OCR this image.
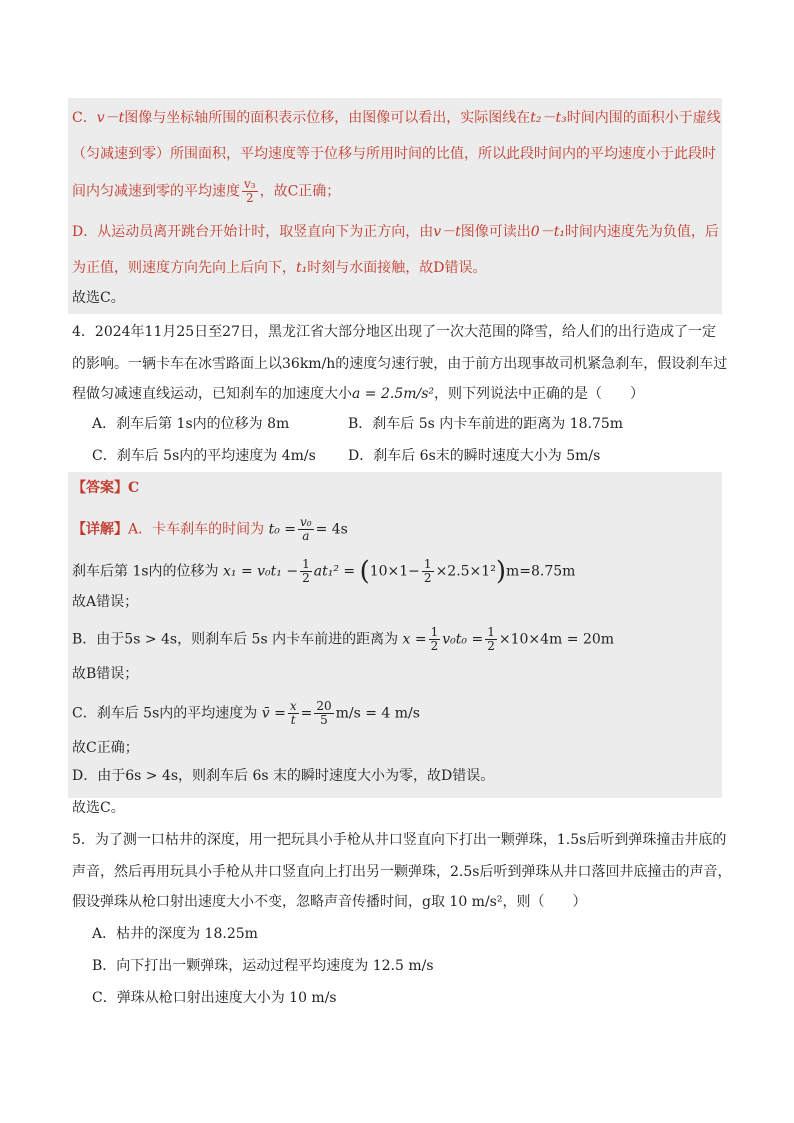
C．v－t图像与坐标轴所围的面积表示位移，由图像可以看出，实际图线在t₂－t₃时间内围的面积小于虚线
（匀减速到零）所围面积，平均速度等于位移与所用时间的比值，所以此段时间内的平均速度小于此段时
间内匀减速到零的平均速度 $\frac{\text{v₃}}{2}$ ，故C正确；
D．从运动员离开跳台开始计时，取竖直向下为正方向，由v－t图像可读出0－t₁时间内速度先为负值，后
为正值，则速度方向先向上后向下，t₁时刻与水面接触，故D错误。
故选C。
4．2024年11月25日至27日，黑龙江省大部分地区出现了一次大范围的降雪，给人们的出行造成了一定
的影响。一辆卡车在冰雪路面上以36km/h的速度匀速行驶，由于前方出现事故司机紧急刹车，假设刹车过
程做匀减速直线运动，已知刹车的加速度大小a = 2.5m/s²，则下列说法中正确的是（　　）
A．刹车后第 1s内的位移为 8m	B．刹车后 5s 内卡车前进的距离为 18.75m
C．刹车后 5s内的平均速度为 4m/s D．刹车后 6s末的瞬时速度大小为 5m/s
【答案】C
【详解】A．卡车刹车的时间为 $t_0 = \frac{\text{v₀}}{a} = 4s$
刹车后第 1s内的位移为 $x_1 = v_0t_1 - \frac{1}{2} at_1^2 = (10\times 1- \frac{1}{2} \times 2.5\times 1^2)m=8.75m$
故A错误；
B．由于5s > 4s，则刹车后 5s 内卡车前进的距离为 $x = \frac{1}{2} v_0t_0 = \frac{1}{2} \times 10\times 4m = 20m$
故B错误；
C．刹车后 5s内的平均速度为 v̄ = $\frac{x}{t} = \frac{20}{5} m/s = 4$ m/s
故C正确；
D．由于6s > 4s，则刹车后 6s 末的瞬时速度大小为零，故D错误。
故选C。
5．为了测一口枯井的深度，用一把玩具小手枪从井口竖直向下打出一颗弹珠，1.5s后听到弹珠撞击井底的
声音，然后再用玩具小手枪从井口竖直向上打出另一颗弹珠，2.5s后听到弹珠从井口落回井底撞击的声音，
假设弹珠从枪口射出速度大小不变，忽略声音传播时间，g取 10 m/s²，则（　　）
A．枯井的深度为 18.25m
B．向下打出一颗弹珠，运动过程平均速度为 12.5 m/s
C．弹珠从枪口射出速度大小为 10 m/s
